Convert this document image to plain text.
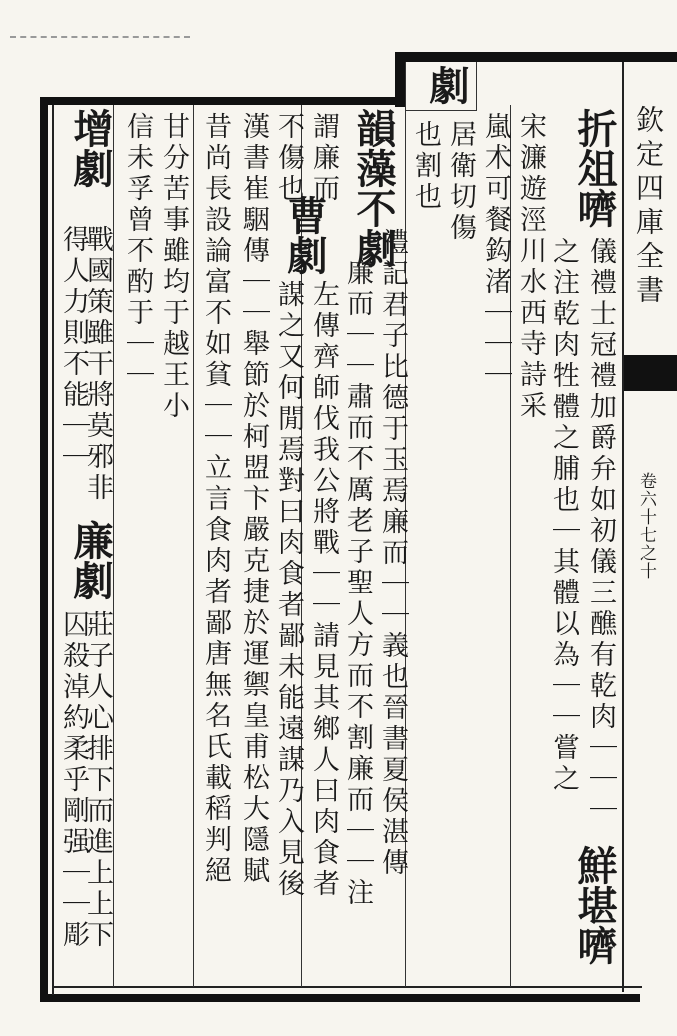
欽定四庫全書
卷六十七之十
折俎嚌
儀禮士冠禮加爵弁如初儀三醮有乾肉｜｜｜
之注乾肉牲體之脯也｜其體以為｜｜嘗之
鮮堪嚌
宋濂遊涇川水西寺詩采
嵐术可餐鈎渚｜｜｜
劇
居衛切傷
也割也
韻藻不劇
禮記君子比德于玉焉廉而｜｜義也晉書夏侯湛傳
廉而｜｜肅而不厲老子聖人方而不割廉而｜｜注
謂廉而
不傷也
曹劇
左傳齊師伐我公將戰｜｜請見其鄉人曰肉食者
謀之又何閒焉對曰肉食者鄙未能遠謀乃入見後
漢書崔駰傳｜｜舉節於柯盟卞嚴克捷於運禦皇甫松大隱賦
昔尚長設論富不如貧｜｜立言食肉者鄙唐無名氏載稻判絕
甘分苦事雖均于越王小
信未孚曾不酌于｜｜
增劇
戰國策雖干將莫邪非
得人力則不能｜｜
廉劇
莊子人心排下而進上上下
囚殺淖約柔乎剛强｜｜彫
